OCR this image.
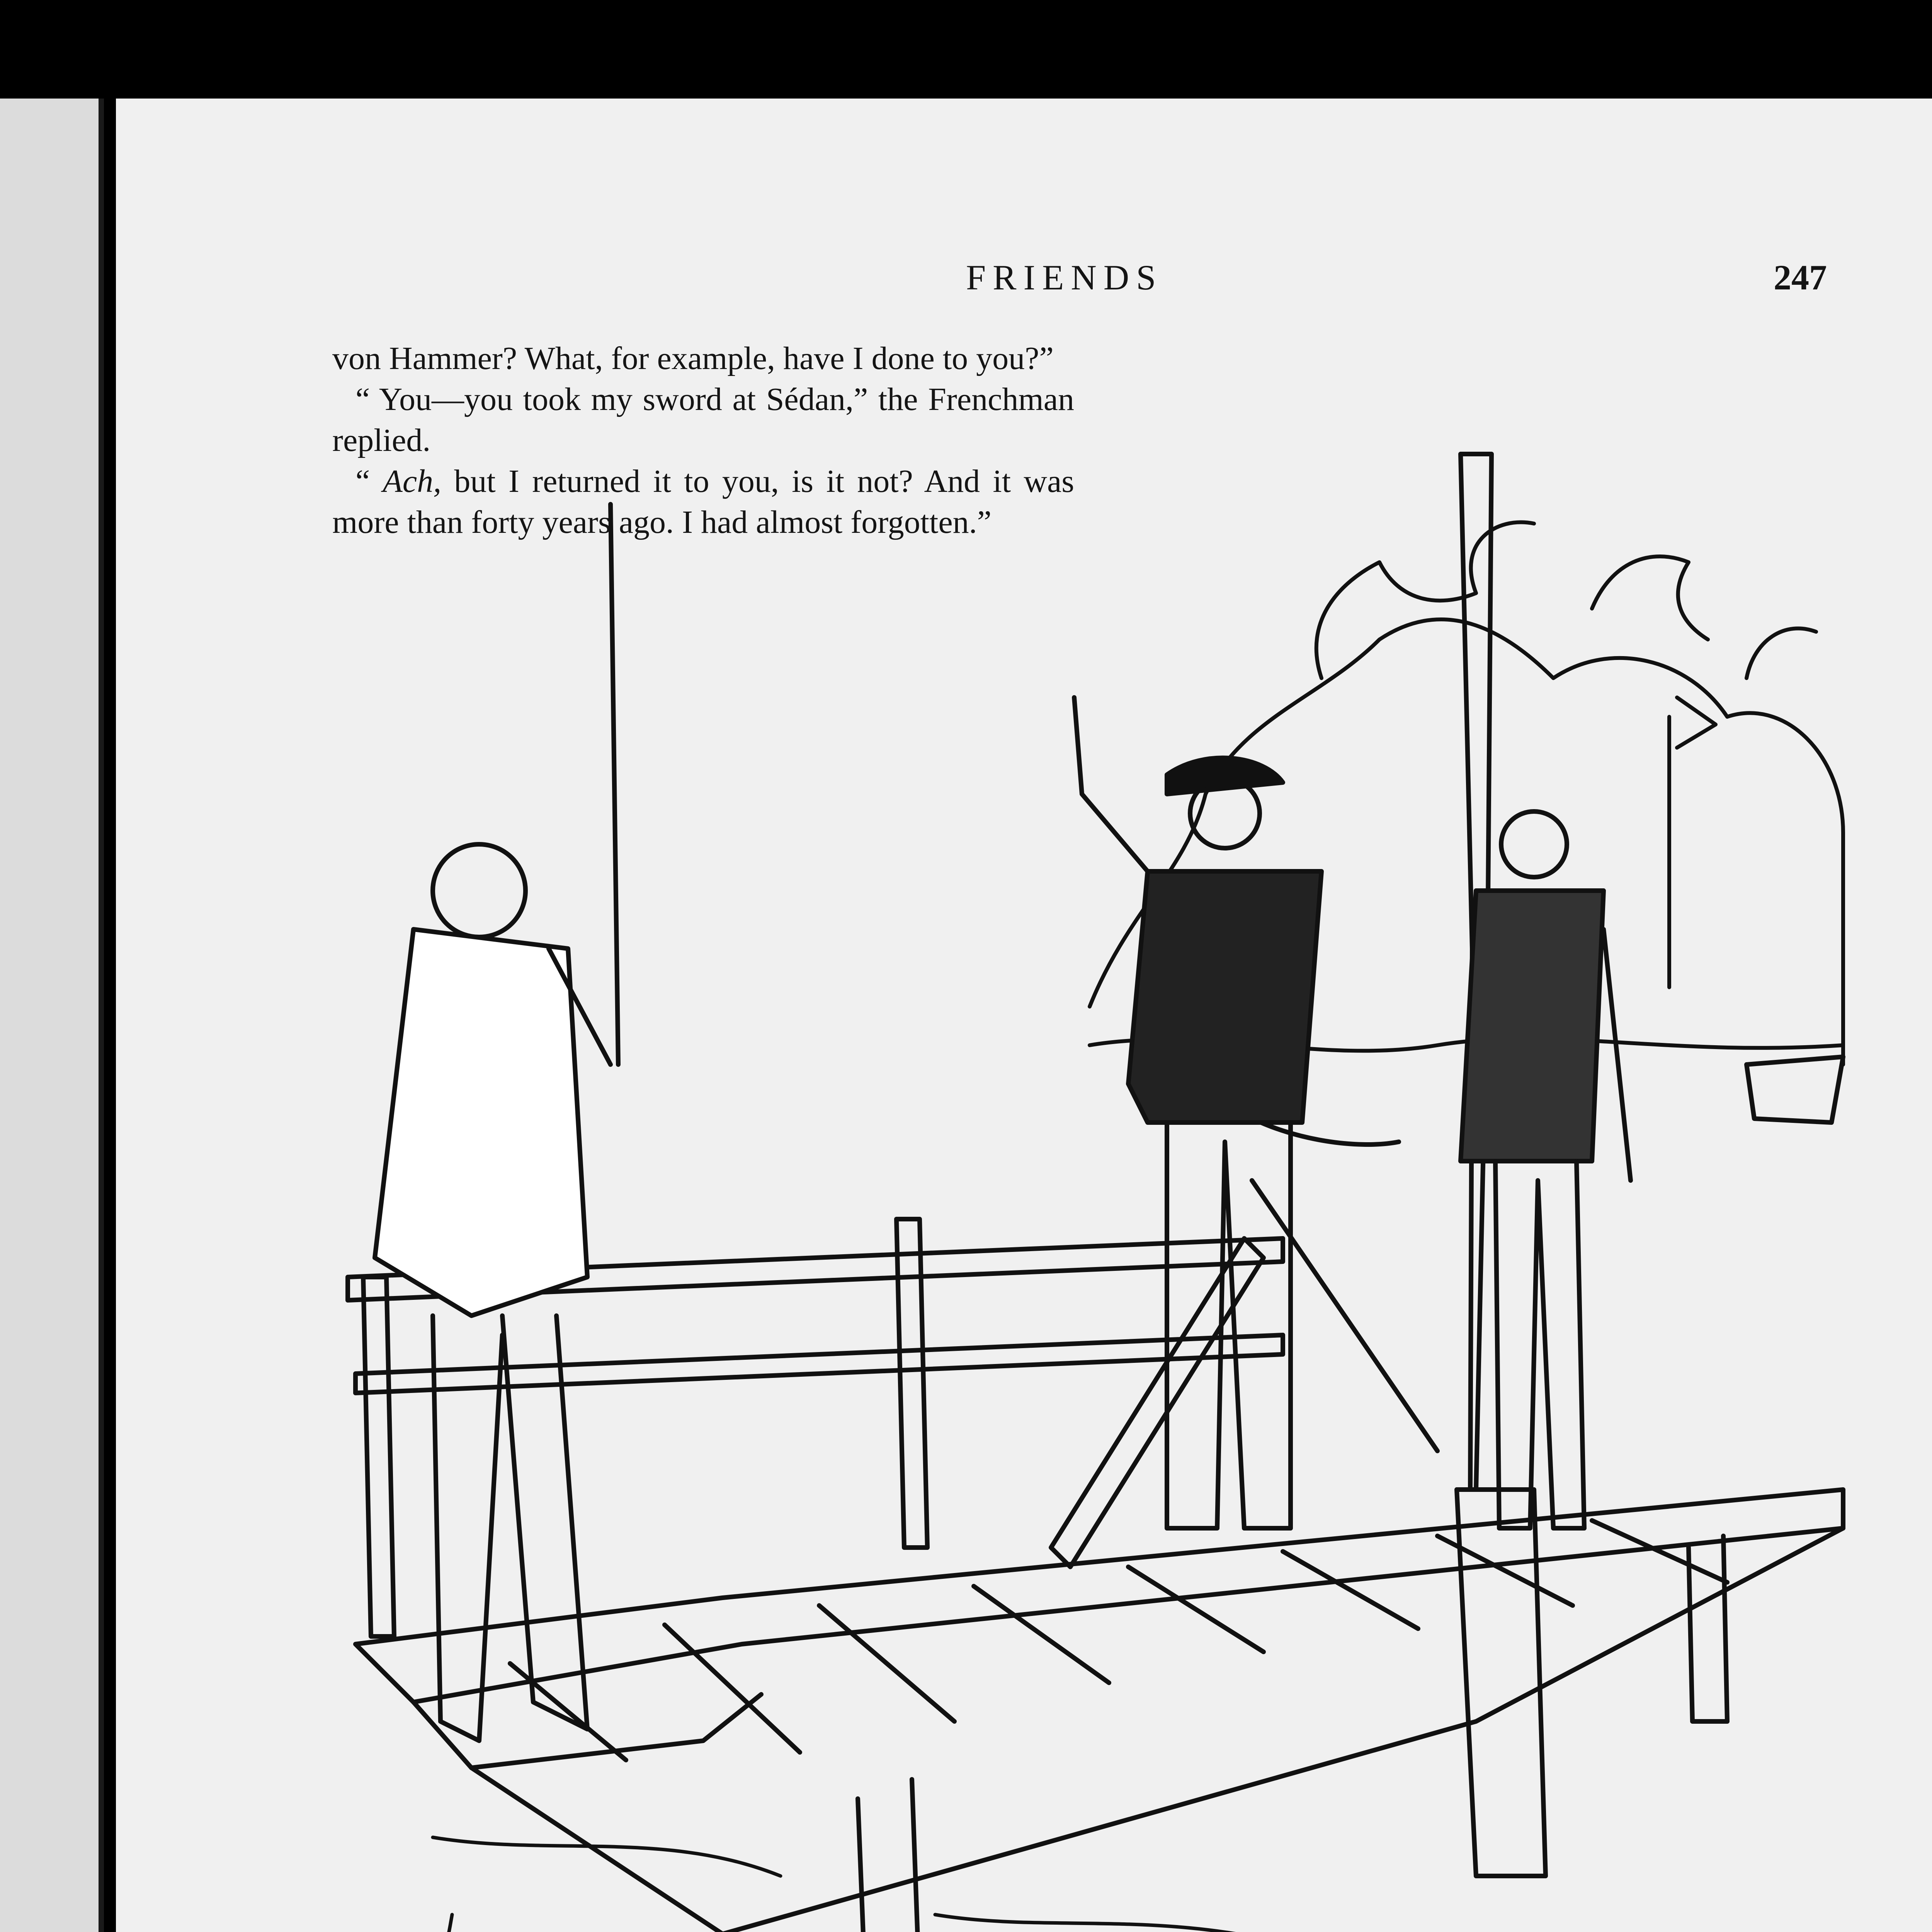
FRIENDS	247

von Hammer? What, for example, have I done to you?”

“ You—you took my sword at Sédan,” the Frenchman replied.

“ Ach, but I returned it to you, is it not? And it was more than forty years ago. I had almost forgotten.”
